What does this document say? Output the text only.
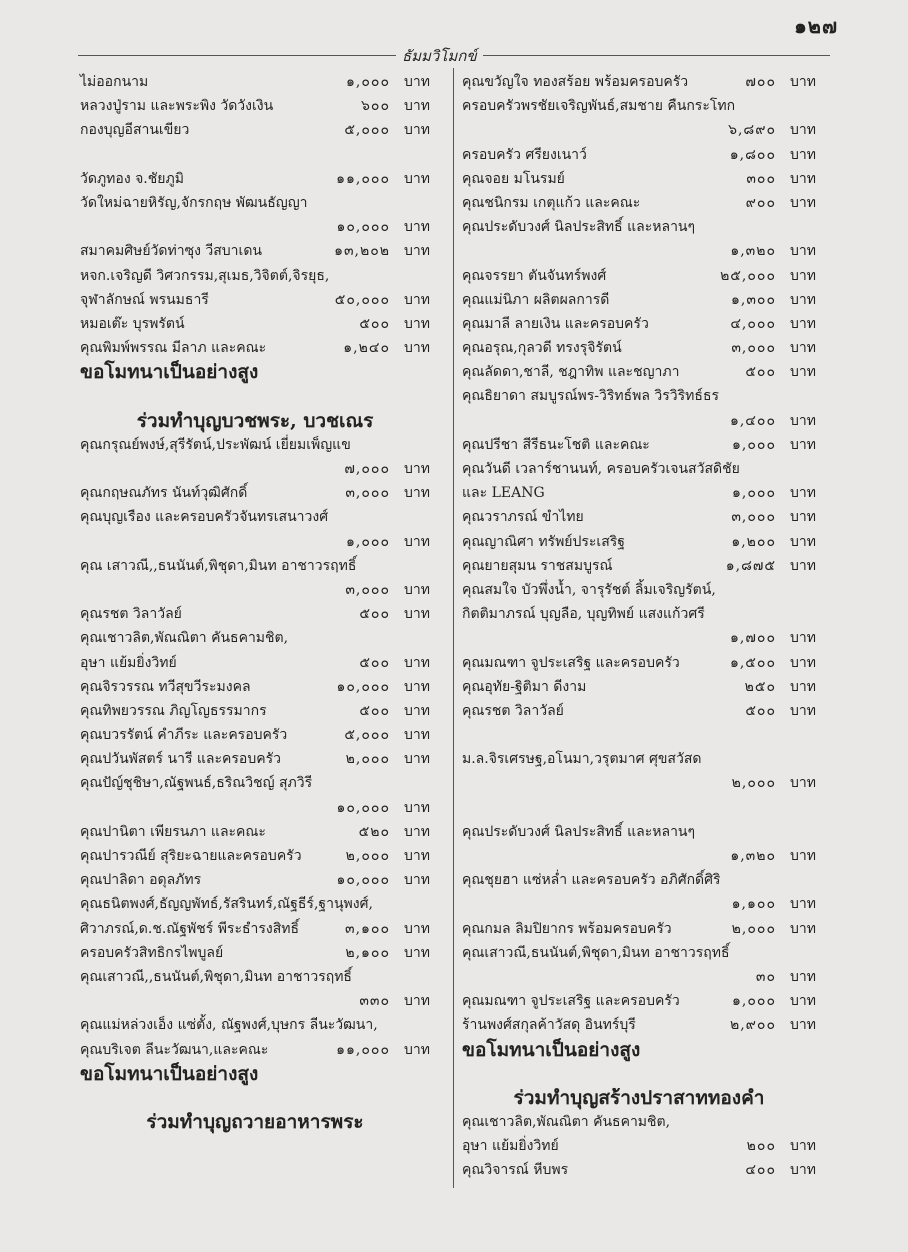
๑๒๗
ธัมมวิโมกข์
ไม่ออกนาม	๑,๐๐๐ บาท
หลวงปู่ราม และพระพิง วัดวังเงิน	๖๐๐ บาท
กองบุญอีสานเขียว	๕,๐๐๐ บาท
วัดภูทอง จ.ชัยภูมิ	๑๑,๐๐๐ บาท
วัดใหม่ฉายหิรัญ,จักรกฤษ พัฒนธัญญา
๑๐,๐๐๐ บาท
สมาคมศิษย์วัดท่าซุง วีสบาเดน	๑๓,๒๐๒ บาท
หจก.เจริญดี วิศวกรรม,สุเมธ,วิจิตต์,จิรยุธ,
จุฬาลักษณ์ พรนมธารี	๕๐,๐๐๐ บาท
หมอเต๊ะ บุรพรัตน์	๕๐๐ บาท
คุณพิมพ์พรรณ มีลาภ และคณะ	๑,๒๔๐ บาท
ขอโมทนาเป็นอย่างสูง
ร่วมทำบุญบวชพระ, บวชเณร
คุณกรุณย์พงษ์,สุรีรัตน์,ประพัฒน์ เยี่ยมเพ็ญแข
๗,๐๐๐ บาท
คุณกฤษณภัทร นันท์วุฒิศักดิ์	๓,๐๐๐ บาท
คุณบุญเรือง และครอบครัวจันทรเสนาวงศ์
๑,๐๐๐ บาท
คุณ เสาวณี,,ธนนันต์,พิชุดา,มินท อาชาวรฤทธิ์
๓,๐๐๐ บาท
คุณรชต วิลาวัลย์	๕๐๐ บาท
คุณเชาวลิต,พัณณิตา คันธคามชิต,
อุษา แย้มยิ่งวิทย์	๕๐๐ บาท
คุณจิรวรรณ ทวีสุขวีระมงคล	๑๐,๐๐๐ บาท
คุณทิพยวรรณ ภิญโญธรรมากร	๕๐๐ บาท
คุณบวรรัตน์ คำภีระ และครอบครัว	๕,๐๐๐ บาท
คุณปวันพัสตร์ นารี และครอบครัว	๒,๐๐๐ บาท
คุณปัญ์ชุชิษา,ณัฐพนธ์,ธริณวิชญ์ สุภวิรี
๑๐,๐๐๐ บาท
คุณปานิตา เพียรนภา และคณะ	๕๒๐ บาท
คุณปารวณีย์ สุริยะฉายและครอบครัว	๒,๐๐๐ บาท
คุณปาลิดา อดุลภัทร	๑๐,๐๐๐ บาท
คุณธนิตพงศ์,ธัญญพัทธ์,รัสรินทร์,ณัฐธีร์,ฐานุพงศ์,
ศิวาภรณ์,ด.ช.ณัฐพัชร์ พีระธำรงสิทธิ์	๓,๑๐๐ บาท
ครอบครัวสิทธิกรไพบูลย์	๒,๑๐๐ บาท
คุณเสาวณี,,ธนนันต์,พิชุดา,มินท อาชาวรฤทธิ์
๓๓๐ บาท
คุณแม่หล่วงเอ็ง แซ่ตั้ง, ณัฐพงศ์,บุษกร ลีนะวัฒนา,
คุณบริเจต ลีนะวัฒนา,และคณะ	๑๑,๐๐๐ บาท
ขอโมทนาเป็นอย่างสูง
ร่วมทำบุญถวายอาหารพระ
คุณขวัญใจ ทองสร้อย พร้อมครอบครัว	๗๐๐ บาท
ครอบครัวพรชัยเจริญพันธ์,สมชาย คืนกระโทก
๖,๘๙๐ บาท
ครอบครัว ศรียงเนาว์	๑,๘๐๐ บาท
คุณจอย มโนรมย์	๓๐๐ บาท
คุณชนิกรม เกตุแก้ว และคณะ	๙๐๐ บาท
คุณประดับวงศ์ นิลประสิทธิ์ และหลานๆ
๑,๓๒๐ บาท
คุณจรรยา ตันจันทร์พงศ์	๒๕,๐๐๐ บาท
คุณแม่นิภา ผลิตผลการดี	๑,๓๐๐ บาท
คุณมาลี ลายเงิน และครอบครัว	๔,๐๐๐ บาท
คุณอรุณ,กุลวดี ทรงรุจิรัตน์	๓,๐๐๐ บาท
คุณลัดดา,ชาลี, ชฎาทิพ และชญาภา	๕๐๐ บาท
คุณธิยาดา สมบูรณ์พร-วิริทธ์พล วิรวิริทธ์ธร
๑,๔๐๐ บาท
คุณปรีชา สีรีธนะโชติ และคณะ	๑,๐๐๐ บาท
คุณวันดี เวลาร์ชานนท์, ครอบครัวเจนสวัสดิชัย
และ LEANG	๑,๐๐๐ บาท
คุณวราภรณ์ ขำไทย	๓,๐๐๐ บาท
คุณญาณิศา ทรัพย์ประเสริฐ	๑,๒๐๐ บาท
คุณยายสุมน ราชสมบูรณ์	๑,๘๗๕ บาท
คุณสมใจ บัวพึ่งน้ำ, จารุรัชต์ ลิ้มเจริญรัตน์,
กิตติมาภรณ์ บุญลือ, บุญทิพย์ แสงแก้วศรี
๑,๗๐๐ บาท
คุณมณฑา จูประเสริฐ และครอบครัว	๑,๕๐๐ บาท
คุณอุทัย-ฐิติมา ดีงาม	๒๕๐ บาท
คุณรชต วิลาวัลย์	๕๐๐ บาท
ม.ล.จิรเศรษฐ,อโนมา,วรุตมาศ ศุขสวัสด
๒,๐๐๐ บาท
คุณประดับวงศ์ นิลประสิทธิ์ และหลานๆ
๑,๓๒๐ บาท
คุณชุยฮา แซ่หล่ำ และครอบครัว อภิศักดิ์ศิริ
๑,๑๐๐ บาท
คุณกมล ลิมปิยากร พร้อมครอบครัว	๒,๐๐๐ บาท
คุณเสาวณี,ธนนันต์,พิชุดา,มินท อาชาวรฤทธิ์
๓๐ บาท
คุณมณฑา จูประเสริฐ และครอบครัว	๑,๐๐๐ บาท
ร้านพงศ์สกุลค้าวัสดุ อินทร์บุรี	๒,๙๐๐ บาท
ขอโมทนาเป็นอย่างสูง
ร่วมทำบุญสร้างปราสาททองคำ
คุณเชาวลิต,พัณณิตา คันธคามชิต,
อุษา แย้มยิ่งวิทย์	๒๐๐ บาท
คุณวิจารณ์ หีบพร	๔๐๐ บาท
